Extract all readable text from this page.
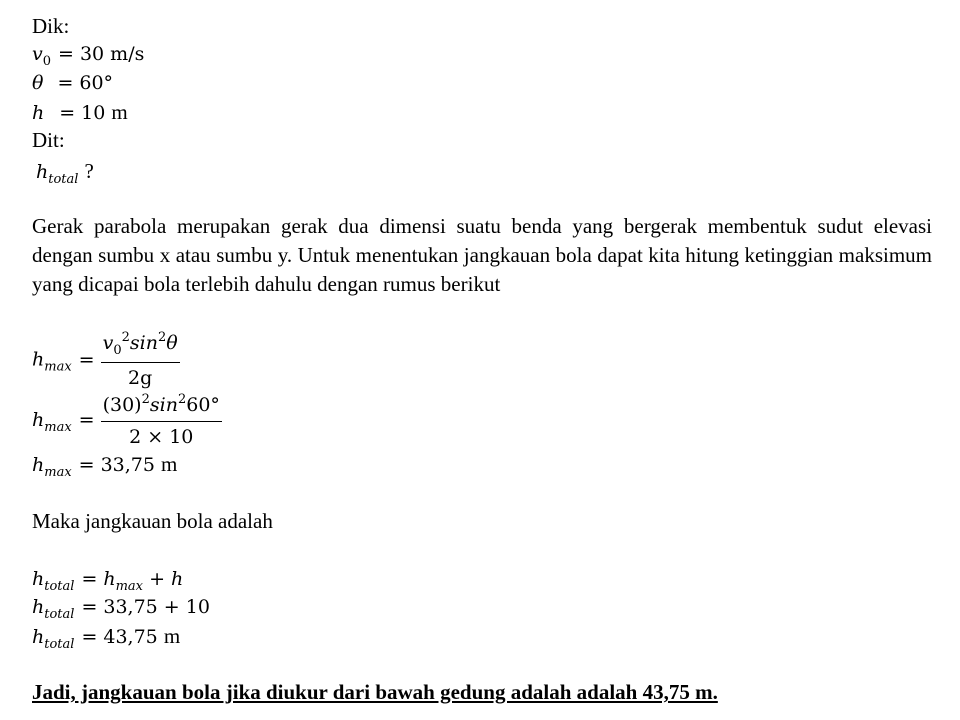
Dik:
$v_0 = 30$ m/s
θ = 60°
h = 10 m
Dit:
$h_{total}$ ?
Gerak parabola merupakan gerak dua dimensi suatu benda yang bergerak membentuk sudut elevasi dengan sumbu x atau sumbu y. Untuk menentukan jangkauan bola dapat kita hitung ketinggian maksimum yang dicapai bola terlebih dahulu dengan rumus berikut
$h_{max} = \frac{v_0^2\sin^2\theta}{2g}$
$h_{max} = \frac{(30)^2\sin^260^\circ}{2 \times 10}$
$h_{max} = 33,75$ m
Maka jangkauan bola adalah
$h_{total} = h_{max} + h$
$h_{total} = 33,75 + 10$
$h_{total} = 43,75$ m
Jadi, jangkauan bola jika diukur dari bawah gedung adalah adalah 43,75 m.
